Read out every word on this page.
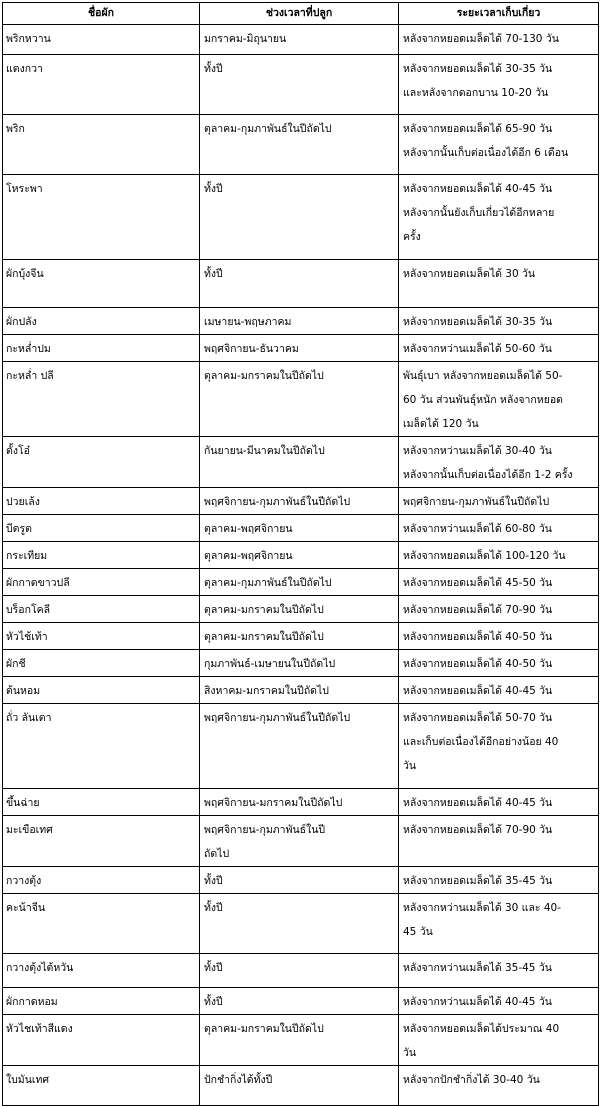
ชื่อผัก	ช่วงเวลาที่ปลูก	ระยะเวลาเก็บเกี่ยว

พริกหวาน	มกราคม-มิถุนายน	หลังจากหยอดเมล็ดได้ 70-130 วัน

แตงกวา	ทั้งปี	หลังจากหยอดเมล็ดได้ 30-35 วัน
และหลังจากดอกบาน 10-20 วัน

พริก	ตุลาคม-กุมภาพันธ์ในปีถัดไป	หลังจากหยอดเมล็ดได้ 65-90 วัน
หลังจากนั้นเก็บต่อเนื่องได้อีก 6 เดือน

โหระพา	ทั้งปี	หลังจากหยอดเมล็ดได้ 40-45 วัน
หลังจากนั้นยังเก็บเกี่ยวได้อีกหลาย
ครั้ง

ผักบุ้งจีน	ทั้งปี	หลังจากหยอดเมล็ดได้ 30 วัน

ผักปลัง	เมษายน-พฤษภาคม	หลังจากหยอดเมล็ดได้ 30-35 วัน

กะหล่ำปม	พฤศจิกายน-ธันวาคม	หลังจากหว่านเมล็ดได้ 50-60 วัน

กะหล่ำ ปลี	ตุลาคม-มกราคมในปีถัดไป	พันธุ์เบา หลังจากหยอดเมล็ดได้ 50-
60 วัน ส่วนพันธุ์หนัก หลังจากหยอด
เมล็ดได้ 120 วัน

ตั้งโอ๋	กันยายน-มีนาคมในปีถัดไป	หลังจากหว่านเมล็ดได้ 30-40 วัน
หลังจากนั้นเก็บต่อเนื่องได้อีก 1-2 ครั้ง

ปวยเล้ง	พฤศจิกายน-กุมภาพันธ์ในปีถัดไป	พฤศจิกายน-กุมภาพันธ์ในปีถัดไป

บีตรูต	ตุลาคม-พฤศจิกายน	หลังจากหว่านเมล็ดได้ 60-80 วัน

กระเทียม	ตุลาคม-พฤศจิกายน	หลังจากหยอดเมล็ดได้ 100-120 วัน

ผักกาดขาวปลี	ตุลาคม-กุมภาพันธ์ในปีถัดไป	หลังจากหยอดเมล็ดได้ 45-50 วัน

บร็อกโคลี	ตุลาคม-มกราคมในปีถัดไป	หลังจากหยอดเมล็ดได้ 70-90 วัน

หัวไช้เท้า	ตุลาคม-มกราคมในปีถัดไป	หลังจากหยอดเมล็ดได้ 40-50 วัน

ผักชี	กุมภาพันธ์-เมษายนในปีถัดไป	หลังจากหยอดเมล็ดได้ 40-50 วัน

ต้นหอม	สิงหาคม-มกราคมในปีถัดไป	หลังจากหยอดเมล็ดได้ 40-45 วัน

ถั่ว ลันเตา	พฤศจิกายน-กุมภาพันธ์ในปีถัดไป	หลังจากหยอดเมล็ดได้ 50-70 วัน
และเก็บต่อเนื่องได้อีกอย่างน้อย 40
วัน

ขึ้นฉ่าย	พฤศจิกายน-มกราคมในปีถัดไป	หลังจากหยอดเมล็ดได้ 40-45 วัน

มะเขือเทศ	พฤศจิกายน-กุมภาพันธ์ในปี
ถัดไป	หลังจากหยอดเมล็ดได้ 70-90 วัน

กวางตุ้ง	ทั้งปี	หลังจากหยอดเมล็ดได้ 35-45 วัน

คะน้าจีน	ทั้งปี	หลังจากหว่านเมล็ดได้ 30 และ 40-
45 วัน

กวางตุ้งไต้หวัน	ทั้งปี	หลังจากหว่านเมล็ดได้ 35-45 วัน

ผักกาดหอม	ทั้งปี	หลังจากหว่านเมล็ดได้ 40-45 วัน

หัวไชเท้าสีแดง	ตุลาคม-มกราคมในปีถัดไป	หลังจากหยอดเมล็ดได้ประมาณ 40
วัน

ใบมันเทศ	ปักชำกิ่งได้ทั้งปี	หลังจากปักชำกิ่งได้ 30-40 วัน
